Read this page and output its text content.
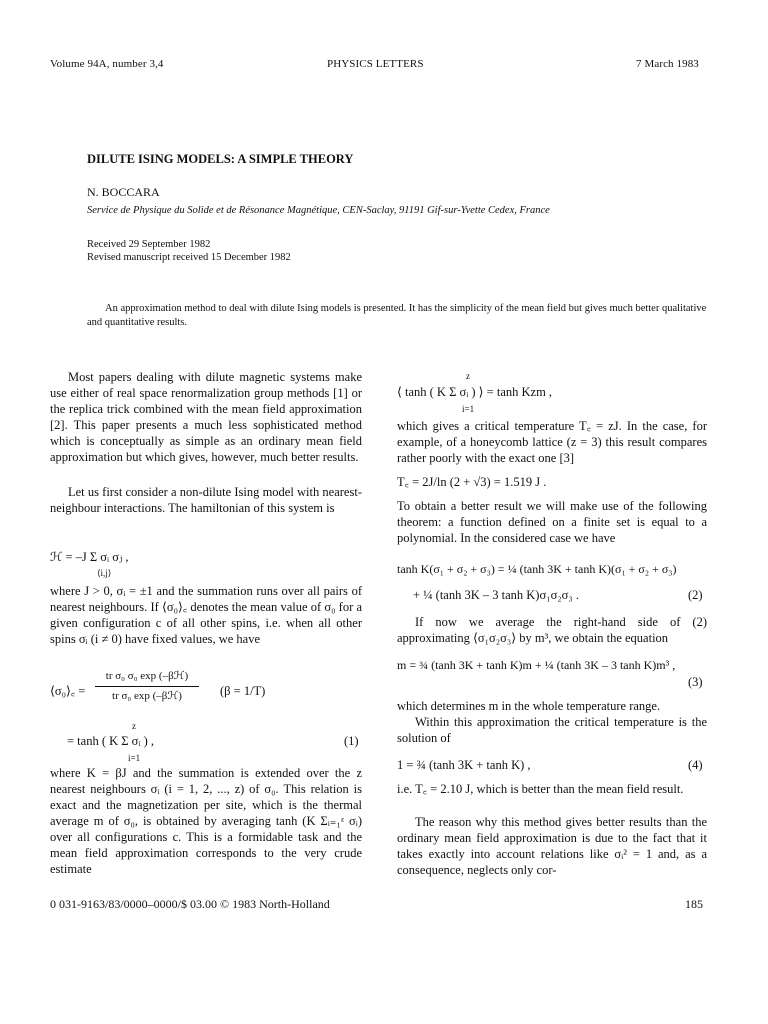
Volume 94A, number 3,4	PHYSICS LETTERS	7 March 1983
DILUTE ISING MODELS: A SIMPLE THEORY
N. BOCCARA
Service de Physique du Solide et de Résonance Magnétique, CEN-Saclay, 91191 Gif-sur-Yvette Cedex, France
Received 29 September 1982
Revised manuscript received 15 December 1982
An approximation method to deal with dilute Ising models is presented. It has the simplicity of the mean field but gives much better qualitative and quantitative results.

Most papers dealing with dilute magnetic systems make use either of real space renormalization group methods [1] or the replica trick combined with the mean field approximation [2]. This paper presents a much less sophisticated method which is conceptually as simple as an ordinary mean field approximation but which gives, however, much better results.

Let us first consider a non-dilute Ising model with nearest-neighbour interactions. The hamiltonian of this system is

ℋ = –J Σ σᵢ σⱼ ,
⟨i,j⟩

where J > 0, σᵢ = ±1 and the summation runs over all pairs of nearest neighbours. If ⟨σ₀⟩꜀ denotes the mean value of σ₀ for a given configuration c of all other spins, i.e. when all other spins σᵢ (i ≠ 0) have fixed values, we have

⟨σ₀⟩꜀ =
tr σ₀ σ₀ exp (–βℋ)
tr σ₀ exp (–βℋ)	(β = 1/T)
z
= tanh ( K Σ σᵢ ) ,
i=1
(1)

where K = βJ and the summation is extended over the z nearest neighbours σᵢ (i = 1, 2, ..., z) of σ₀. This relation is exact and the magnetization per site, which is the thermal average m of σ₀, is obtained by averaging tanh (K Σᵢ₌₁ᶻ σᵢ) over all configurations c. This is a formidable task and the mean field approximation corresponds to the very crude estimate

z
⟨ tanh ( K Σ σᵢ ) ⟩ = tanh Kzm ,
i=1

which gives a critical temperature T꜀ = zJ. In the case, for example, of a honeycomb lattice (z = 3) this result compares rather poorly with the exact one [3]

T꜀ = 2J/ln (2 + √3) = 1.519 J .

To obtain a better result we will make use of the following theorem: a function defined on a finite set is equal to a polynomial. In the considered case we have

tanh K(σ₁ + σ₂ + σ₃) = ¼ (tanh 3K + tanh K)(σ₁ + σ₂ + σ₃)
+ ¼ (tanh 3K – 3 tanh K)σ₁σ₂σ₃ .	(2)

If now we average the right-hand side of (2) approximating ⟨σ₁σ₂σ₃⟩ by m³, we obtain the equation

m = ¾ (tanh 3K + tanh K)m + ¼ (tanh 3K – 3 tanh K)m³ ,
(3)

which determines m in the whole temperature range.

Within this approximation the critical temperature is the solution of

1 = ¾ (tanh 3K + tanh K) ,	(4)

i.e. T꜀ = 2.10 J, which is better than the mean field result.

The reason why this method gives better results than the ordinary mean field approximation is due to the fact that it takes exactly into account relations like σᵢ² = 1 and, as a consequence, neglects only cor-

0 031-9163/83/0000–0000/$ 03.00 © 1983 North-Holland	185
